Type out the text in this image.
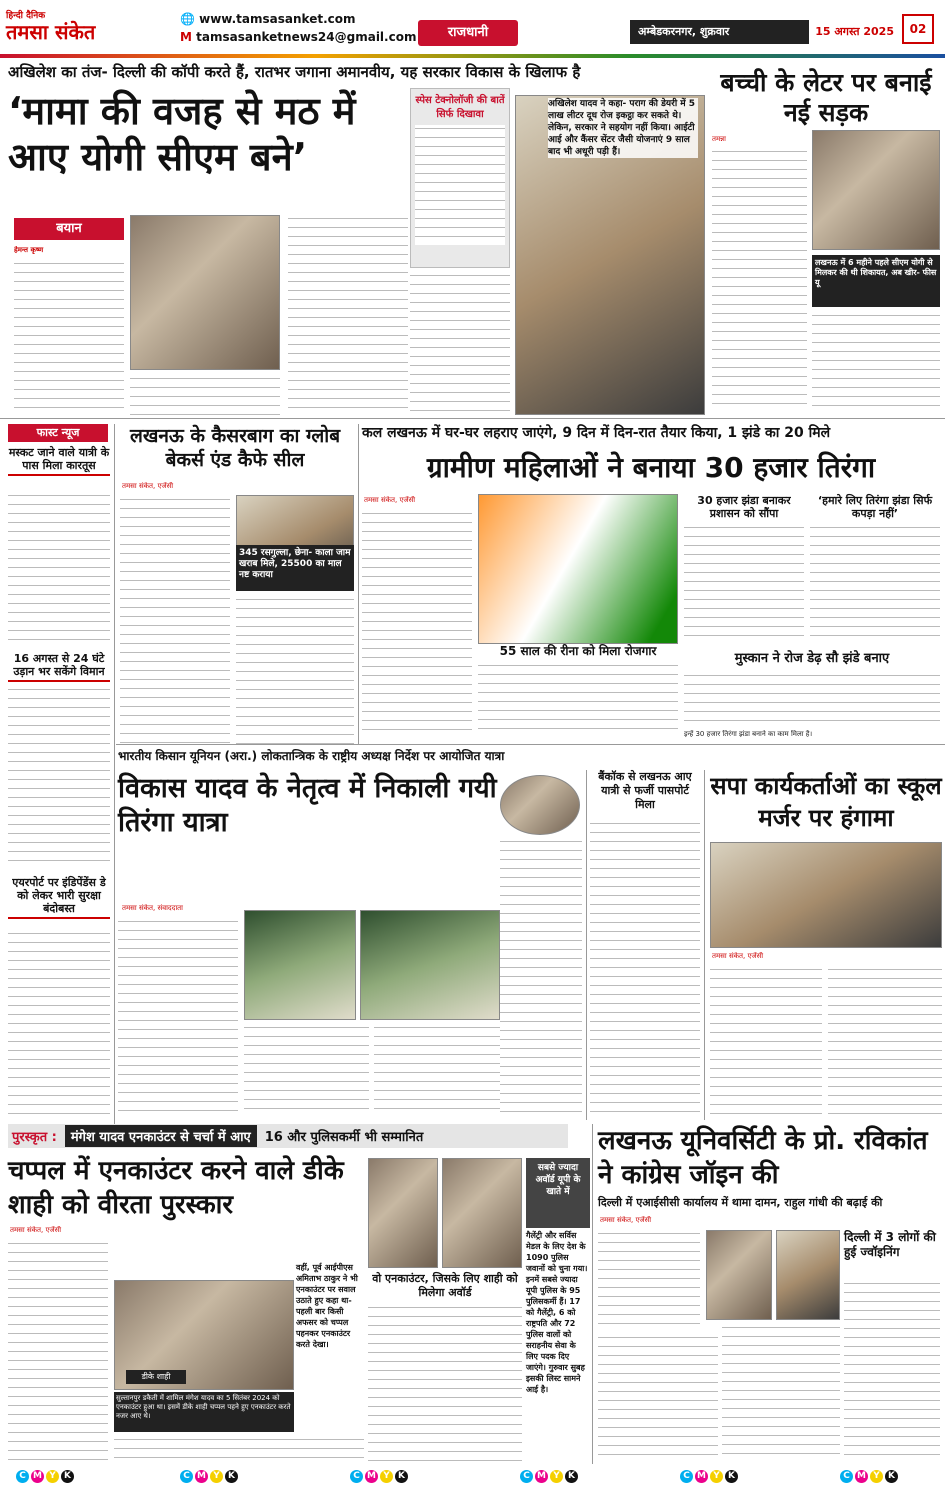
हिन्दी दैनिक
तमसा संकेत
🌐 www.tamsasanket.com
M tamsasanketnews24@gmail.com	राजधानी	अम्बेडकरनगर, शुक्रवार	15 अगस्त 2025	02
अखिलेश का तंज- दिल्ली की कॉपी करते हैं, रातभर जगाना अमानवीय, यह सरकार विकास के खिलाफ है
‘मामा की वजह से मठ में आए योगी सीएम बने’
बयान
हेमन्त कृष्ण
स्पेस टेक्नोलॉजी की बातें सिर्फ दिखावा
अखिलेश यादव ने कहा- पराग की डेयरी में 5 लाख लीटर दूध रोज इकट्ठा कर सकते थे। लेकिन, सरकार ने सहयोग नहीं किया। आईटी आई और कैंसर सेंटर जैसी योजनाएं 9 साल बाद भी अधूरी पड़ी हैं।
बच्ची के लेटर पर बनाई नई सड़क
तमन्ना
लखनऊ में 6 महीने पहले सीएम योगी से मिलकर की थी शिकायत, अब खीर- फीस यू
फास्ट न्यूज
मस्कट जाने वाले यात्री के पास मिला कारतूस
16 अगस्त से 24 घंटे उड़ान भर सकेंगे विमान
एयरपोर्ट पर इंडिपेंडेंस डे को लेकर भारी सुरक्षा बंदोबस्त
लखनऊ के कैसरबाग का ग्लोब बेकर्स एंड कैफे सील
तमसा संकेत, एजेंसी
345 रसगुल्ला, छेना- काला जाम खराब मिले, 25500 का माल नष्ट कराया
कल लखनऊ में घर-घर लहराए जाएंगे, 9 दिन में दिन-रात तैयार किया, 1 झंडे का 20 मिले
ग्रामीण महिलाओं ने बनाया 30 हजार तिरंगा
तमसा संकेत, एजेंसी
55 साल की रीना को मिला रोजगार
30 हजार झंडा बनाकर प्रशासन को सौंपा
‘हमारे लिए तिरंगा झंडा सिर्फ कपड़ा नहीं’
मुस्कान ने रोज डेढ़ सौ झंडे बनाए
इन्हें 30 हजार तिरंगा झंडा बनाने का काम मिला है।
भारतीय किसान यूनियन (अरा.) लोकतान्त्रिक के राष्ट्रीय अध्यक्ष निर्देश पर आयोजित यात्रा
विकास यादव के नेतृत्व में निकाली गयी तिरंगा यात्रा
तमसा संकेत, संवाददाता
बैंकॉक से लखनऊ आए यात्री से फर्जी पासपोर्ट मिला
सपा कार्यकर्ताओं का स्कूल मर्जर पर हंगामा
तमसा संकेत, एजेंसी
पुरस्कृत :	मंगेश यादव एनकाउंटर से चर्चा में आए	16 और पुलिसकर्मी भी सम्मानित
चप्पल में एनकाउंटर करने वाले डीके शाही को वीरता पुरस्कार
तमसा संकेत, एजेंसी
डीके शाही
सुल्तानपुर डकैती में शामिल मंगेश यादव का 5 सितंबर 2024 को एनकाउंटर हुआ था। इसमें डीके शाही चप्पल पहने हुए एनकाउंटर करते नजर आए थे।
वहीं, पूर्व आईपीएस अमिताभ ठाकुर ने भी एनकाउंटर पर सवाल उठाते हुए कहा था- पहली बार किसी अफसर को चप्पल पहनकर एनकाउंटर करते देखा।
वो एनकाउंटर, जिसके लिए शाही को मिलेगा अवॉर्ड
सबसे ज्यादा अवॉर्ड यूपी के खाते में
गैलेंट्री और सर्विस मेडल के लिए देश के 1090 पुलिस जवानों को चुना गया। इनमें सबसे ज्यादा यूपी पुलिस के 95 पुलिसकर्मी हैं। 17 को गैलेंट्री, 6 को राष्ट्रपति और 72 पुलिस वालों को सराहनीय सेवा के लिए पदक दिए जाएंगे। गुरुवार सुबह इसकी लिस्ट सामने आई है।
लखनऊ यूनिवर्सिटी के प्रो. रविकांत ने कांग्रेस जॉइन की
दिल्ली में एआईसीसी कार्यालय में थामा दामन, राहुल गांधी की बढ़ाई की
तमसा संकेत, एजेंसी
दिल्ली में 3 लोगों की हुई ज्वॉइनिंग
C M Y K	C M Y K	C M Y K	C M Y K	C M Y K	C M Y K
